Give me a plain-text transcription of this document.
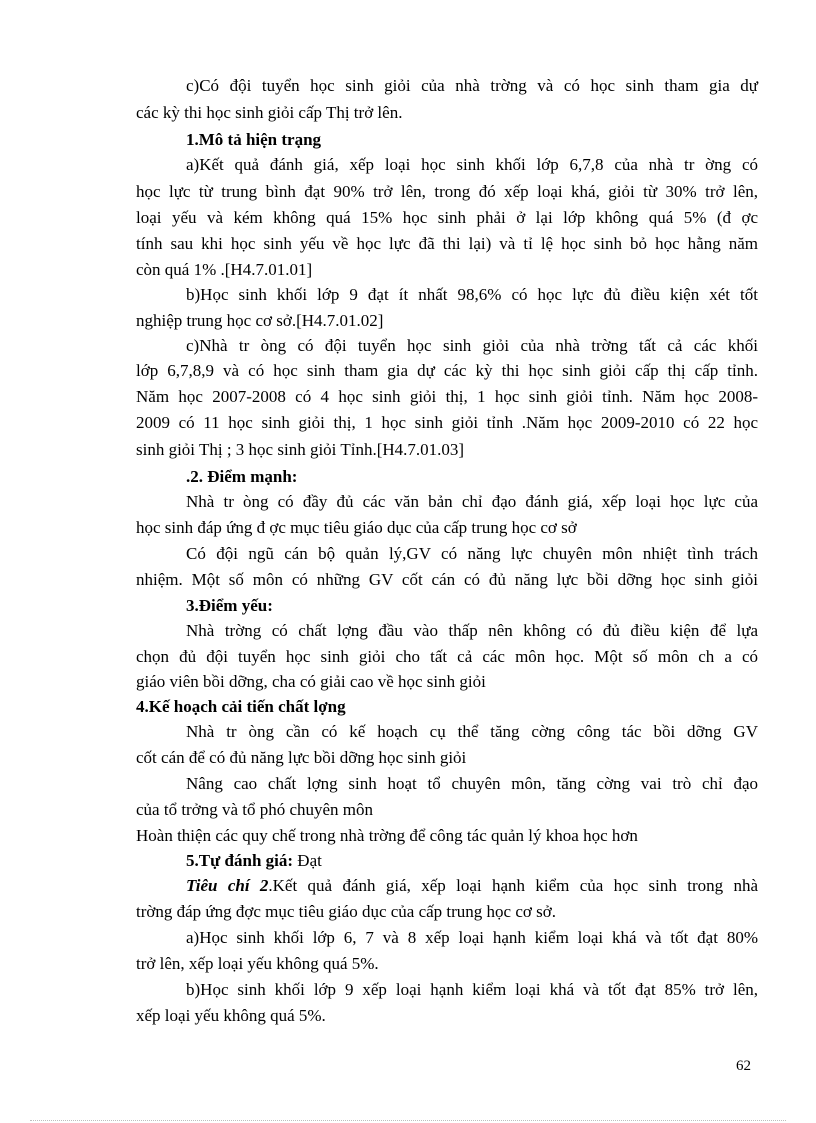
c)Có đội tuyển học sinh giỏi của nhà trờng và có học sinh tham gia dự
các kỳ thi học sinh giỏi cấp Thị trở lên.
1.Mô tả hiện trạng
a)Kết quả đánh giá, xếp loại học sinh khối lớp 6,7,8 của nhà tr ờng có
học lực từ trung bình đạt 90% trở lên, trong đó xếp loại khá, giỏi từ 30% trở lên,
loại yếu và kém không quá 15% học sinh phải ở lại lớp không quá 5% (đ ợc
tính sau khi học sinh yếu về học lực đã thi lại) và tỉ lệ học sinh bỏ học hằng năm
còn quá 1% .[H4.7.01.01]
b)Học sinh khối lớp 9 đạt ít nhất 98,6% có học lực đủ điều kiện xét tốt
nghiệp trung học cơ sở.[H4.7.01.02]
c)Nhà tr òng có đội tuyển học sinh giỏi của nhà trờng tất cả các khối
lớp 6,7,8,9 và có học sinh tham gia dự các kỳ thi học sinh giỏi cấp thị cấp tỉnh.
Năm học 2007-2008 có 4 học sinh giỏi thị, 1 học sinh giỏi tỉnh. Năm học 2008-
2009 có 11 học sinh giỏi thị, 1 học sinh giỏi tỉnh .Năm học 2009-2010 có 22 học
sinh giỏi Thị ; 3 học sinh giỏi Tỉnh.[H4.7.01.03]
.2. Điểm mạnh:
Nhà tr òng có đầy đủ các văn bản chỉ đạo đánh giá, xếp loại học lực của
học sinh đáp ứng đ ợc mục tiêu giáo dục của cấp trung học cơ sở
Có đội ngũ cán bộ quản lý,GV có năng lực chuyên môn nhiệt tình trách
nhiệm. Một số môn có những GV cốt cán có đủ năng lực bồi dỡng học sinh giỏi
3.Điểm yếu:
Nhà trờng có chất lợng đầu vào thấp nên không có đủ điều kiện để lựa
chọn đủ đội tuyển học sinh giỏi cho tất cả các môn học. Một số môn ch a có
giáo viên bồi dỡng, cha có giải cao về học sinh giỏi
4.Kế hoạch cải tiến chất lợng
Nhà tr òng cần có kế hoạch cụ thể tăng cờng công tác bồi dỡng GV
cốt cán để có đủ năng lực bồi dỡng học sinh giỏi
Nâng cao chất lợng sinh hoạt tổ chuyên môn, tăng cờng vai trò chỉ đạo
của tổ trởng và tổ phó chuyên môn
Hoàn thiện các quy chế trong nhà trờng để công tác quản lý khoa học hơn
5.Tự đánh giá: Đạt
Tiêu chí 2.Kết quả đánh giá, xếp loại hạnh kiểm của học sinh trong nhà
trờng đáp ứng đợc mục tiêu giáo dục của cấp trung học cơ sở.
a)Học sinh khối lớp 6, 7 và 8 xếp loại hạnh kiểm loại khá và tốt đạt 80%
trở lên, xếp loại yếu không quá 5%.
b)Học sinh khối lớp 9 xếp loại hạnh kiểm loại khá và tốt đạt 85% trở lên,
xếp loại yếu không quá 5%.
62
